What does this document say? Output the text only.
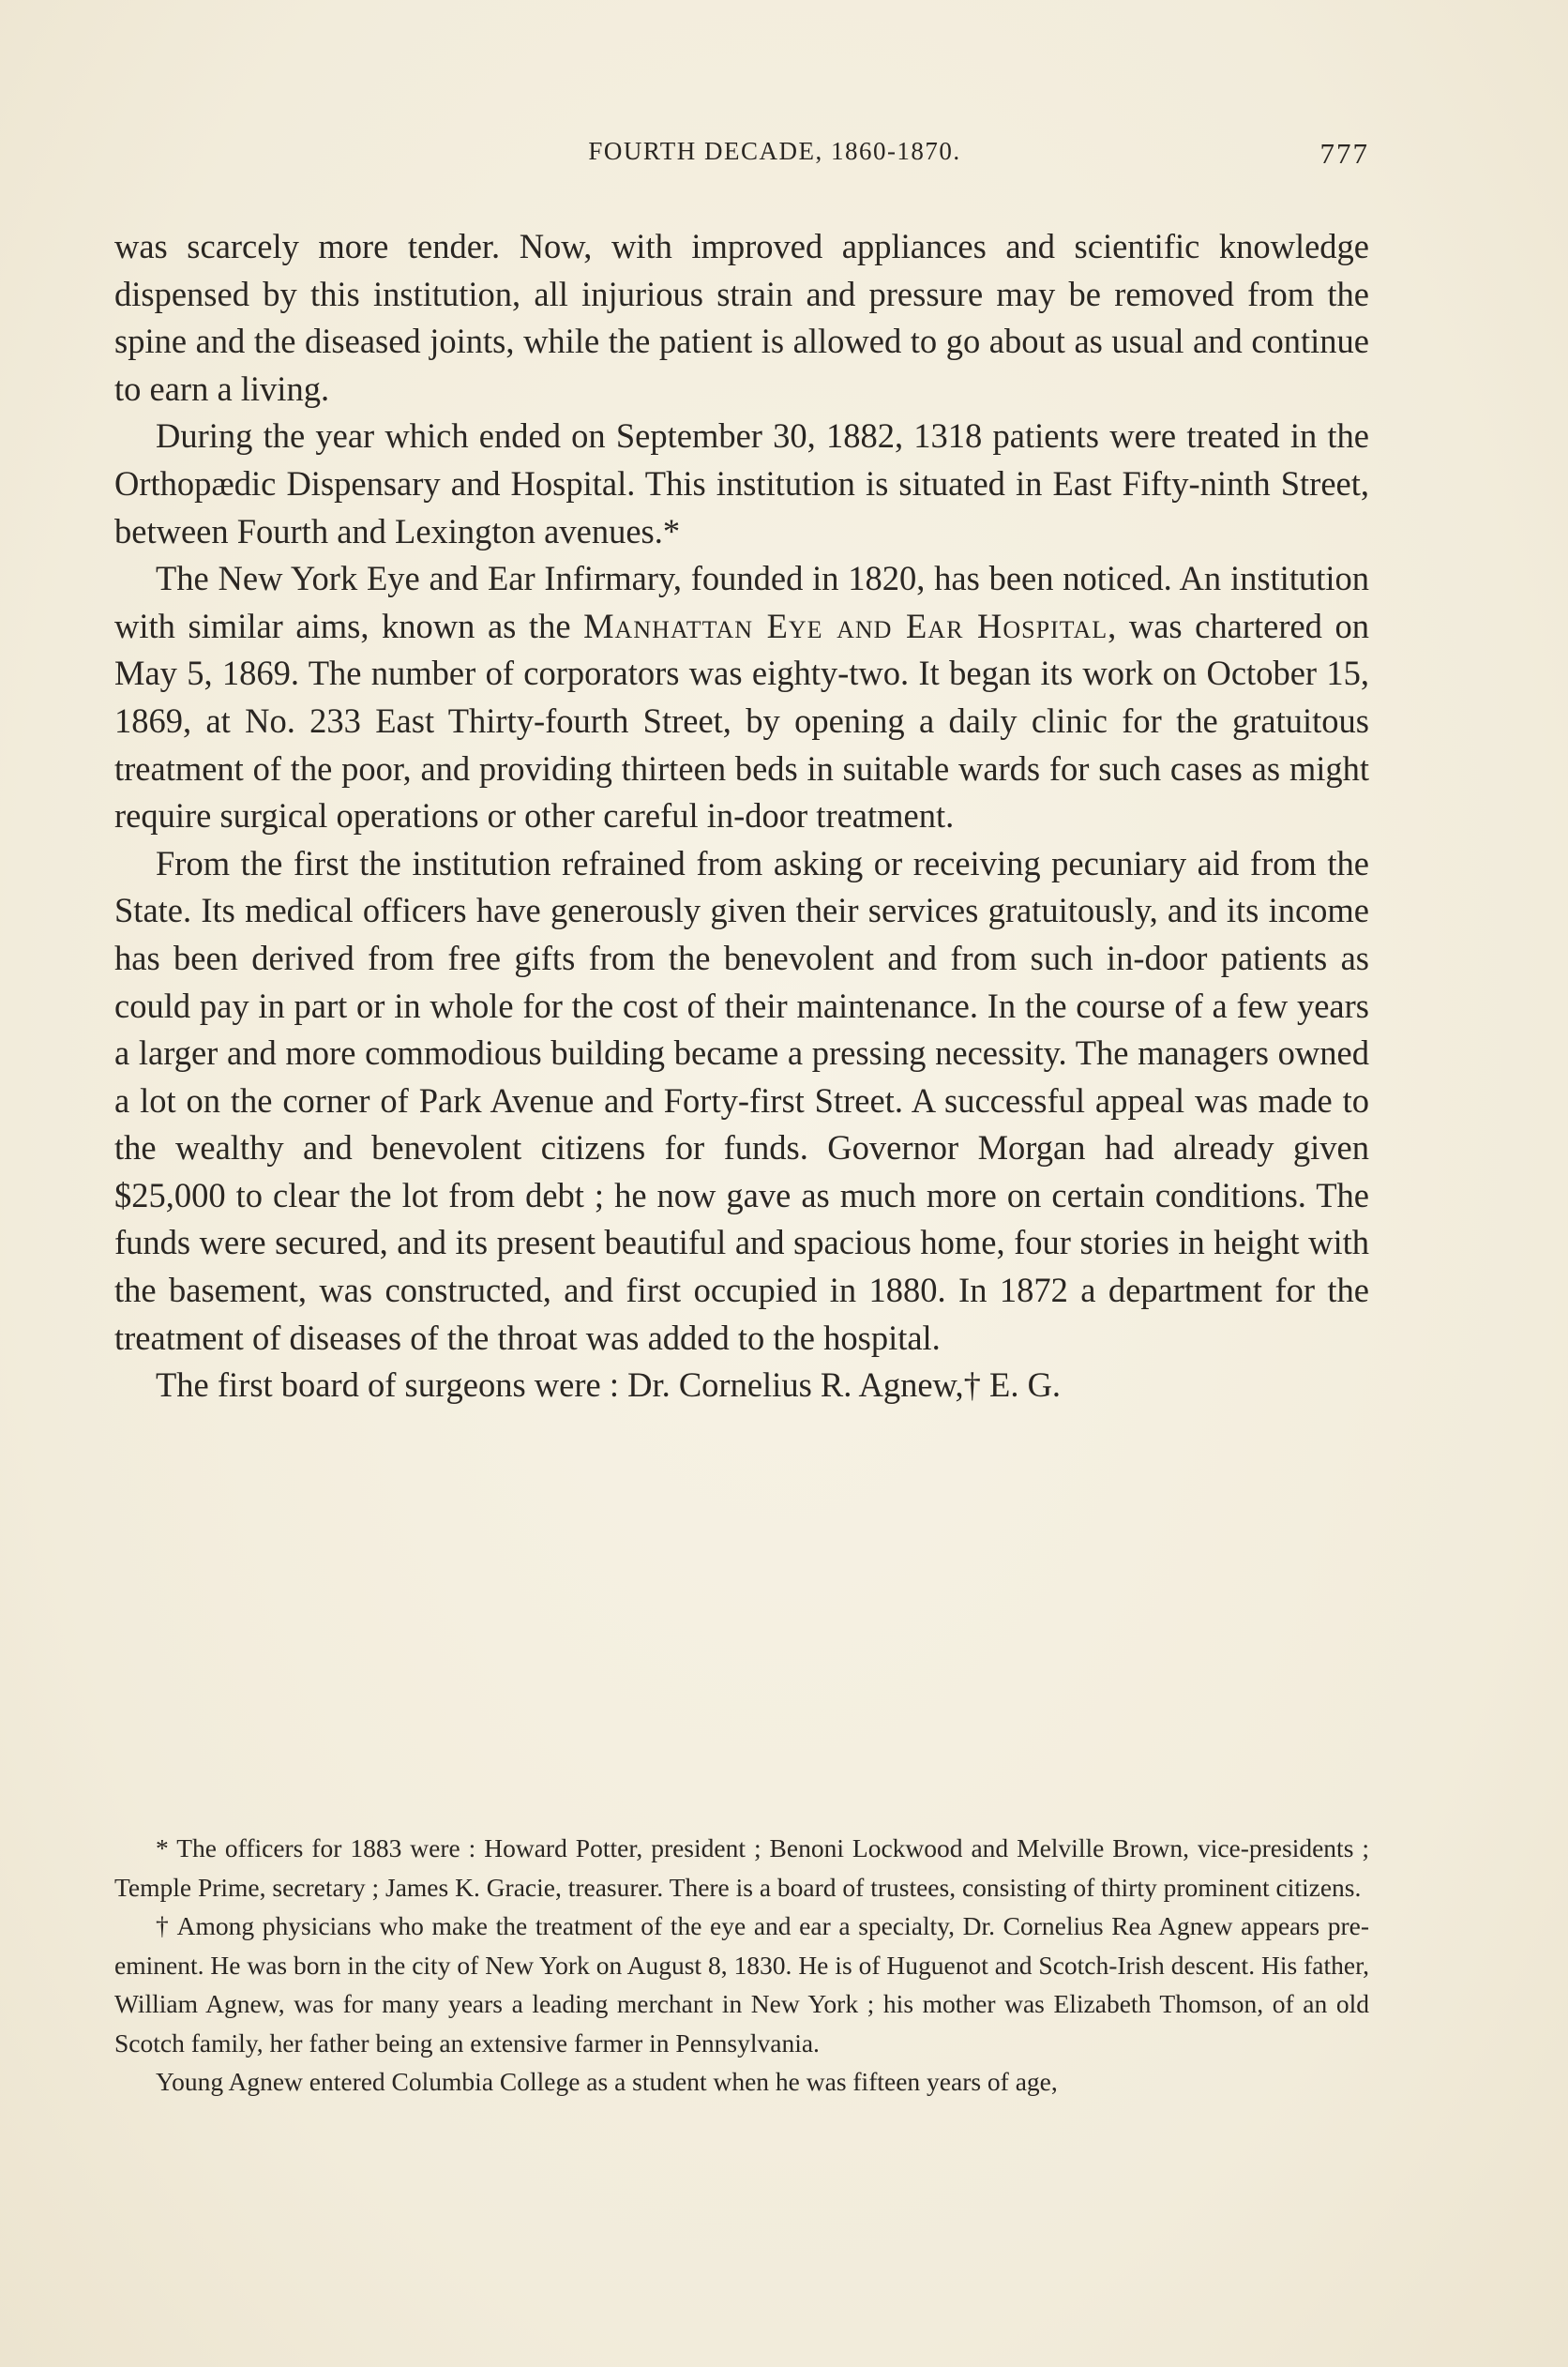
FOURTH DECADE, 1860-1870.	777

was scarcely more tender. Now, with improved appliances and scientific knowledge dispensed by this institution, all injurious strain and pressure may be removed from the spine and the diseased joints, while the patient is allowed to go about as usual and continue to earn a living.

During the year which ended on September 30, 1882, 1318 patients were treated in the Orthopædic Dispensary and Hospital. This institution is situated in East Fifty-ninth Street, between Fourth and Lexington avenues.*

The New York Eye and Ear Infirmary, founded in 1820, has been noticed. An institution with similar aims, known as the Manhattan Eye and Ear Hospital, was chartered on May 5, 1869. The number of corporators was eighty-two. It began its work on October 15, 1869, at No. 233 East Thirty-fourth Street, by opening a daily clinic for the gratuitous treatment of the poor, and providing thirteen beds in suitable wards for such cases as might require surgical operations or other careful in-door treatment.

From the first the institution refrained from asking or receiving pecuniary aid from the State. Its medical officers have generously given their services gratuitously, and its income has been derived from free gifts from the benevolent and from such in-door patients as could pay in part or in whole for the cost of their maintenance. In the course of a few years a larger and more commodious building became a pressing necessity. The managers owned a lot on the corner of Park Avenue and Forty-first Street. A successful appeal was made to the wealthy and benevolent citizens for funds. Governor Morgan had already given $25,000 to clear the lot from debt ; he now gave as much more on certain conditions. The funds were secured, and its present beautiful and spacious home, four stories in height with the basement, was constructed, and first occupied in 1880. In 1872 a department for the treatment of diseases of the throat was added to the hospital.

The first board of surgeons were : Dr. Cornelius R. Agnew,† E. G.

* The officers for 1883 were : Howard Potter, president ; Benoni Lockwood and Melville Brown, vice-presidents ; Temple Prime, secretary ; James K. Gracie, treasurer. There is a board of trustees, consisting of thirty prominent citizens.

† Among physicians who make the treatment of the eye and ear a specialty, Dr. Cornelius Rea Agnew appears pre-eminent. He was born in the city of New York on August 8, 1830. He is of Huguenot and Scotch-Irish descent. His father, William Agnew, was for many years a leading merchant in New York ; his mother was Elizabeth Thomson, of an old Scotch family, her father being an extensive farmer in Pennsylvania.

Young Agnew entered Columbia College as a student when he was fifteen years of age,
